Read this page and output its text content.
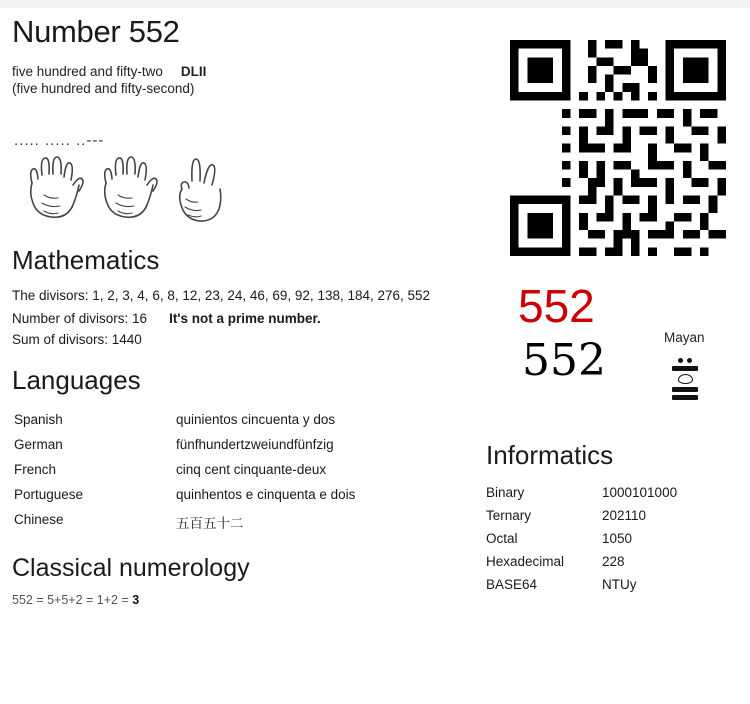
Number 552
five hundred and fifty-two DLII
(five hundred and fifty-second)
..... ..... ..---
Mathematics

The divisors: 1, 2, 3, 4, 6, 8, 12, 23, 24, 46, 69, 92, 138, 184, 276, 552

Number of divisors: 16 It's not a prime number.
Sum of divisors: 1440
Languages
Spanish	quinientos cincuenta y dos
German	fünfhundertzweiundfünfzig
French	cinq cent cinquante-deux
Portuguese	quinhentos e cinquenta e dois
Chinese	五百五十二
Classical numerology
552 = 5+5+2 = 1+2 = 3
552
552	Mayan
Informatics
Binary	1000101000
Ternary	202110
Octal	1050
Hexadecimal	228
BASE64	NTUy
